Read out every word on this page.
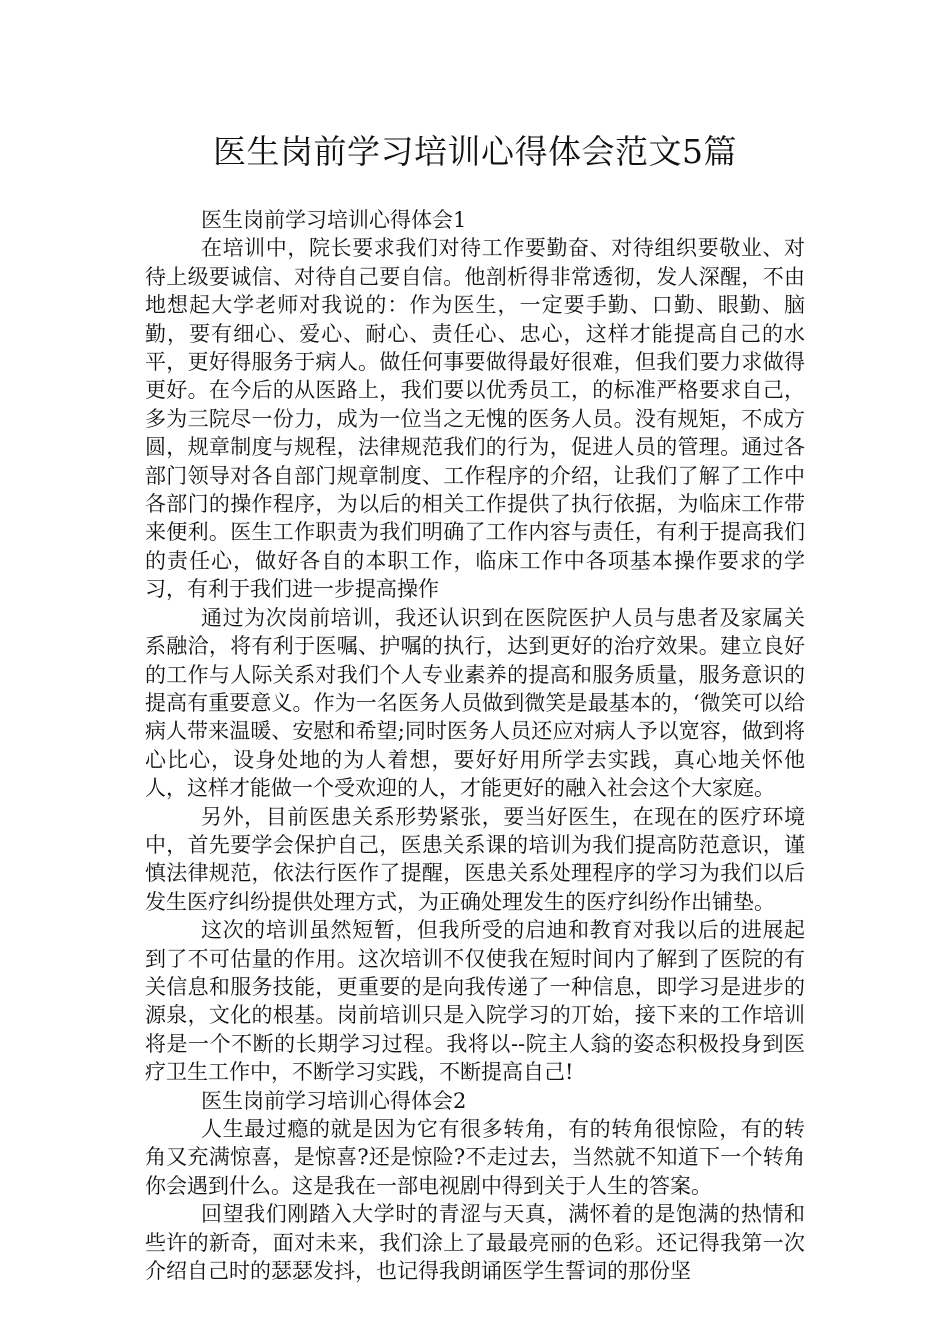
医生岗前学习培训心得体会范文5篇

医生岗前学习培训心得体会1

在培训中，院长要求我们对待工作要勤奋、对待组织要敬业、对待上级要诚信、对待自己要自信。他剖析得非常透彻，发人深醒，不由地想起大学老师对我说的：作为医生，一定要手勤、口勤、眼勤、脑勤，要有细心、爱心、耐心、责任心、忠心，这样才能提高自己的水平，更好得服务于病人。做任何事要做得最好很难，但我们要力求做得更好。在今后的从医路上，我们要以优秀员工，的标准严格要求自己，多为三院尽一份力，成为一位当之无愧的医务人员。没有规矩，不成方圆，规章制度与规程，法律规范我们的行为，促进人员的管理。通过各部门领导对各自部门规章制度、工作程序的介绍，让我们了解了工作中各部门的操作程序，为以后的相关工作提供了执行依据，为临床工作带来便利。医生工作职责为我们明确了工作内容与责任，有利于提高我们的责任心，做好各自的本职工作，临床工作中各项基本操作要求的学习，有利于我们进一步提高操作

通过为次岗前培训，我还认识到在医院医护人员与患者及家属关系融洽，将有利于医嘱、护嘱的执行，达到更好的治疗效果。建立良好的工作与人际关系对我们个人专业素养的提高和服务质量，服务意识的提高有重要意义。作为一名医务人员做到微笑是最基本的，‘微笑可以给病人带来温暖、安慰和希望;同时医务人员还应对病人予以宽容，做到将心比心，设身处地的为人着想，要好好用所学去实践，真心地关怀他人，这样才能做一个受欢迎的人，才能更好的融入社会这个大家庭。

另外，目前医患关系形势紧张，要当好医生，在现在的医疗环境中，首先要学会保护自己，医患关系课的培训为我们提高防范意识，谨慎法律规范，依法行医作了提醒，医患关系处理程序的学习为我们以后发生医疗纠纷提供处理方式，为正确处理发生的医疗纠纷作出铺垫。

这次的培训虽然短暂，但我所受的启迪和教育对我以后的进展起到了不可估量的作用。这次培训不仅使我在短时间内了解到了医院的有关信息和服务技能，更重要的是向我传递了一种信息，即学习是进步的源泉，文化的根基。岗前培训只是入院学习的丌始，接下来的工作培训将是一个不断的长期学习过程。我将以--院主人翁的姿态积极投身到医疗卫生工作中，不断学习实践，不断提高自己!

医生岗前学习培训心得体会2

人生最过瘾的就是因为它有很多转角，有的转角很惊险，有的转角又充满惊喜，是惊喜?还是惊险?不走过去，当然就不知道下一个转角你会遇到什么。这是我在一部电视剧中得到关于人生的答案。

回望我们刚踏入大学时的青涩与天真，满怀着的是饱满的热情和些许的新奇，面对未来，我们涂上了最最亮丽的色彩。还记得我第一次介绍自己时的瑟瑟发抖，也记得我朗诵医学生誓词的那份坚
